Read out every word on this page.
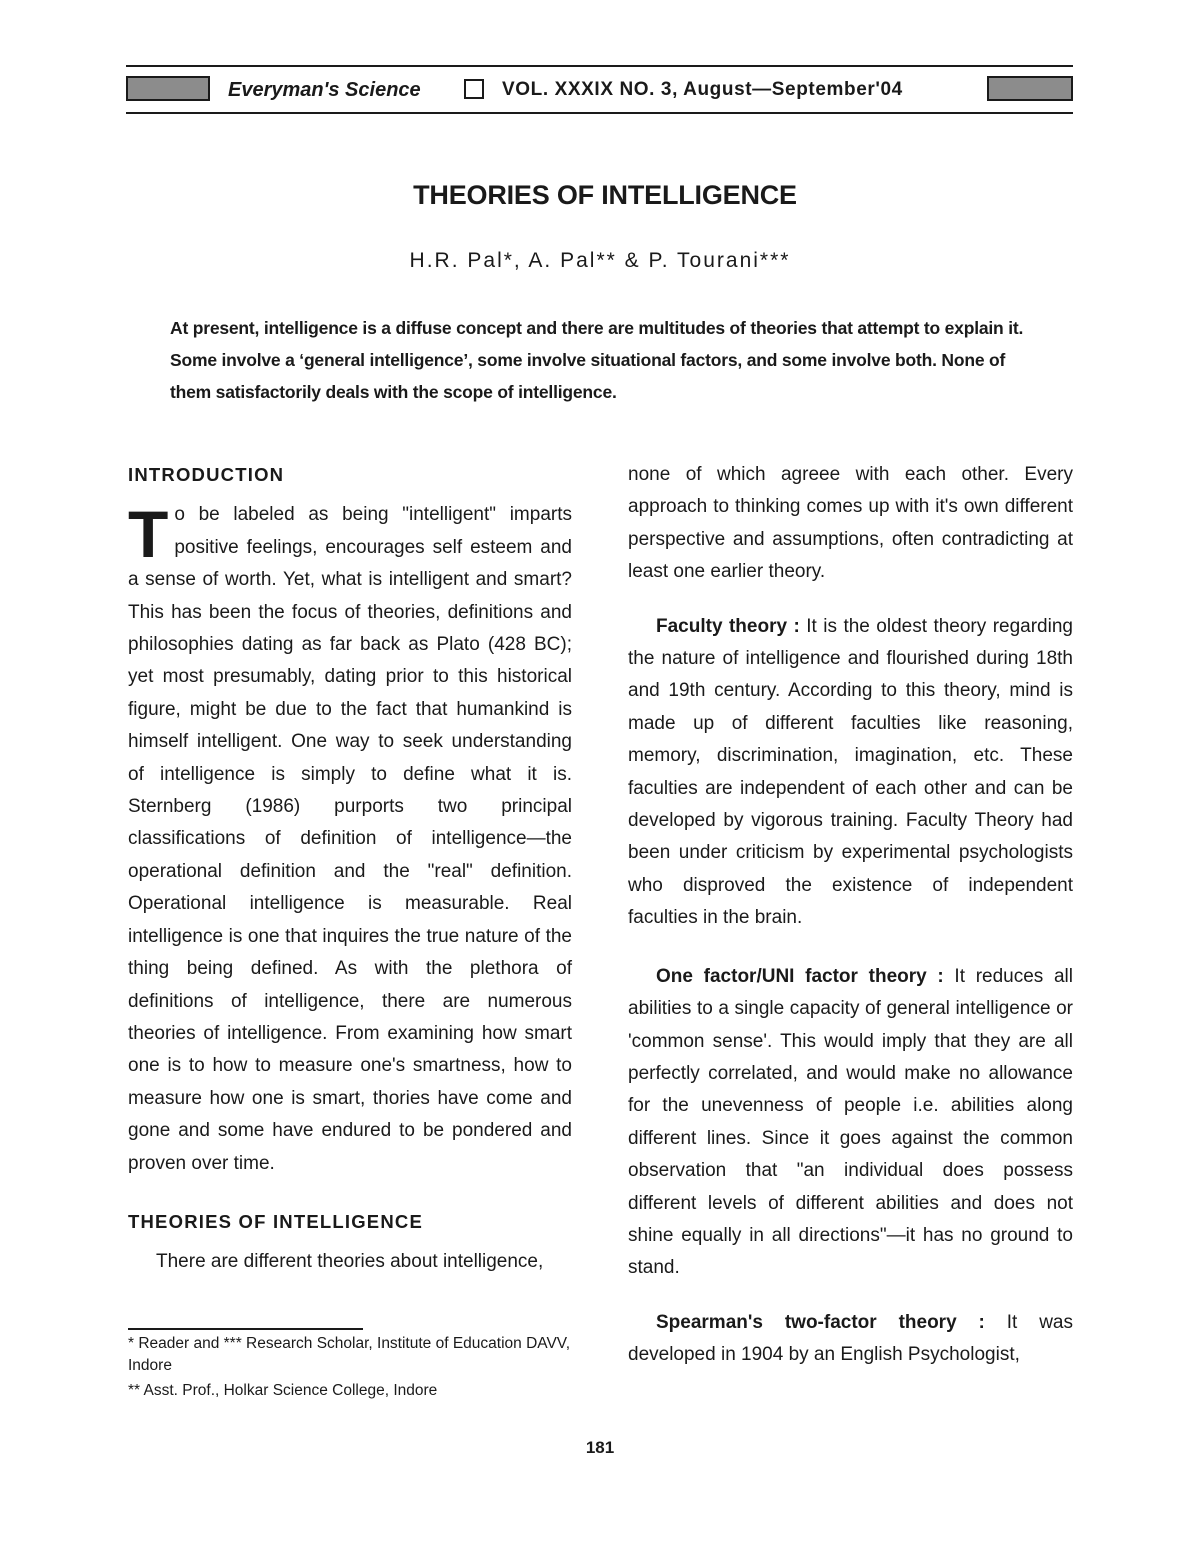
Everyman's Science	VOL. XXXIX NO. 3, August—September'04
THEORIES OF INTELLIGENCE
H.R. Pal*, A. Pal** & P. Tourani***
At present, intelligence is a diffuse concept and there are multitudes of theories that attempt to explain it. Some involve a ‘general intelligence’, some involve situational factors, and some involve both. None of them satisfactorily deals with the scope of intelligence.

INTRODUCTION

To be labeled as being "intelligent" imparts positive feelings, encourages self esteem and a sense of worth. Yet, what is intelligent and smart? This has been the focus of theories, definitions and philosophies dating as far back as Plato (428 BC); yet most presumably, dating prior to this historical figure, might be due to the fact that humankind is himself intelligent. One way to seek understanding of intelligence is simply to define what it is. Sternberg (1986) purports two principal classifications of definition of intelligence—the operational definition and the "real" definition. Operational intelligence is measurable. Real intelligence is one that inquires the true nature of the thing being defined. As with the plethora of definitions of intelligence, there are numerous theories of intelligence. From examining how smart one is to how to measure one's smartness, how to measure how one is smart, thories have come and gone and some have endured to be pondered and proven over time.

THEORIES OF INTELLIGENCE

There are different theories about intelligence,

* Reader and *** Research Scholar, Institute of Education DAVV, Indore

** Asst. Prof., Holkar Science College, Indore

none of which agreee with each other. Every approach to thinking comes up with it's own different perspective and assumptions, often contradicting at least one earlier theory.

Faculty theory : It is the oldest theory regarding the nature of intelligence and flourished during 18th and 19th century. According to this theory, mind is made up of different faculties like reasoning, memory, discrimination, imagination, etc. These faculties are independent of each other and can be developed by vigorous training. Faculty Theory had been under criticism by experimental psychologists who disproved the existence of independent faculties in the brain.

One factor/UNI factor theory : It reduces all abilities to a single capacity of general intelligence or 'common sense'. This would imply that they are all perfectly correlated, and would make no allowance for the unevenness of people i.e. abilities along different lines. Since it goes against the common observation that "an individual does possess different levels of different abilities and does not shine equally in all directions"—it has no ground to stand.

Spearman's two-factor theory : It was developed in 1904 by an English Psychologist,

181
